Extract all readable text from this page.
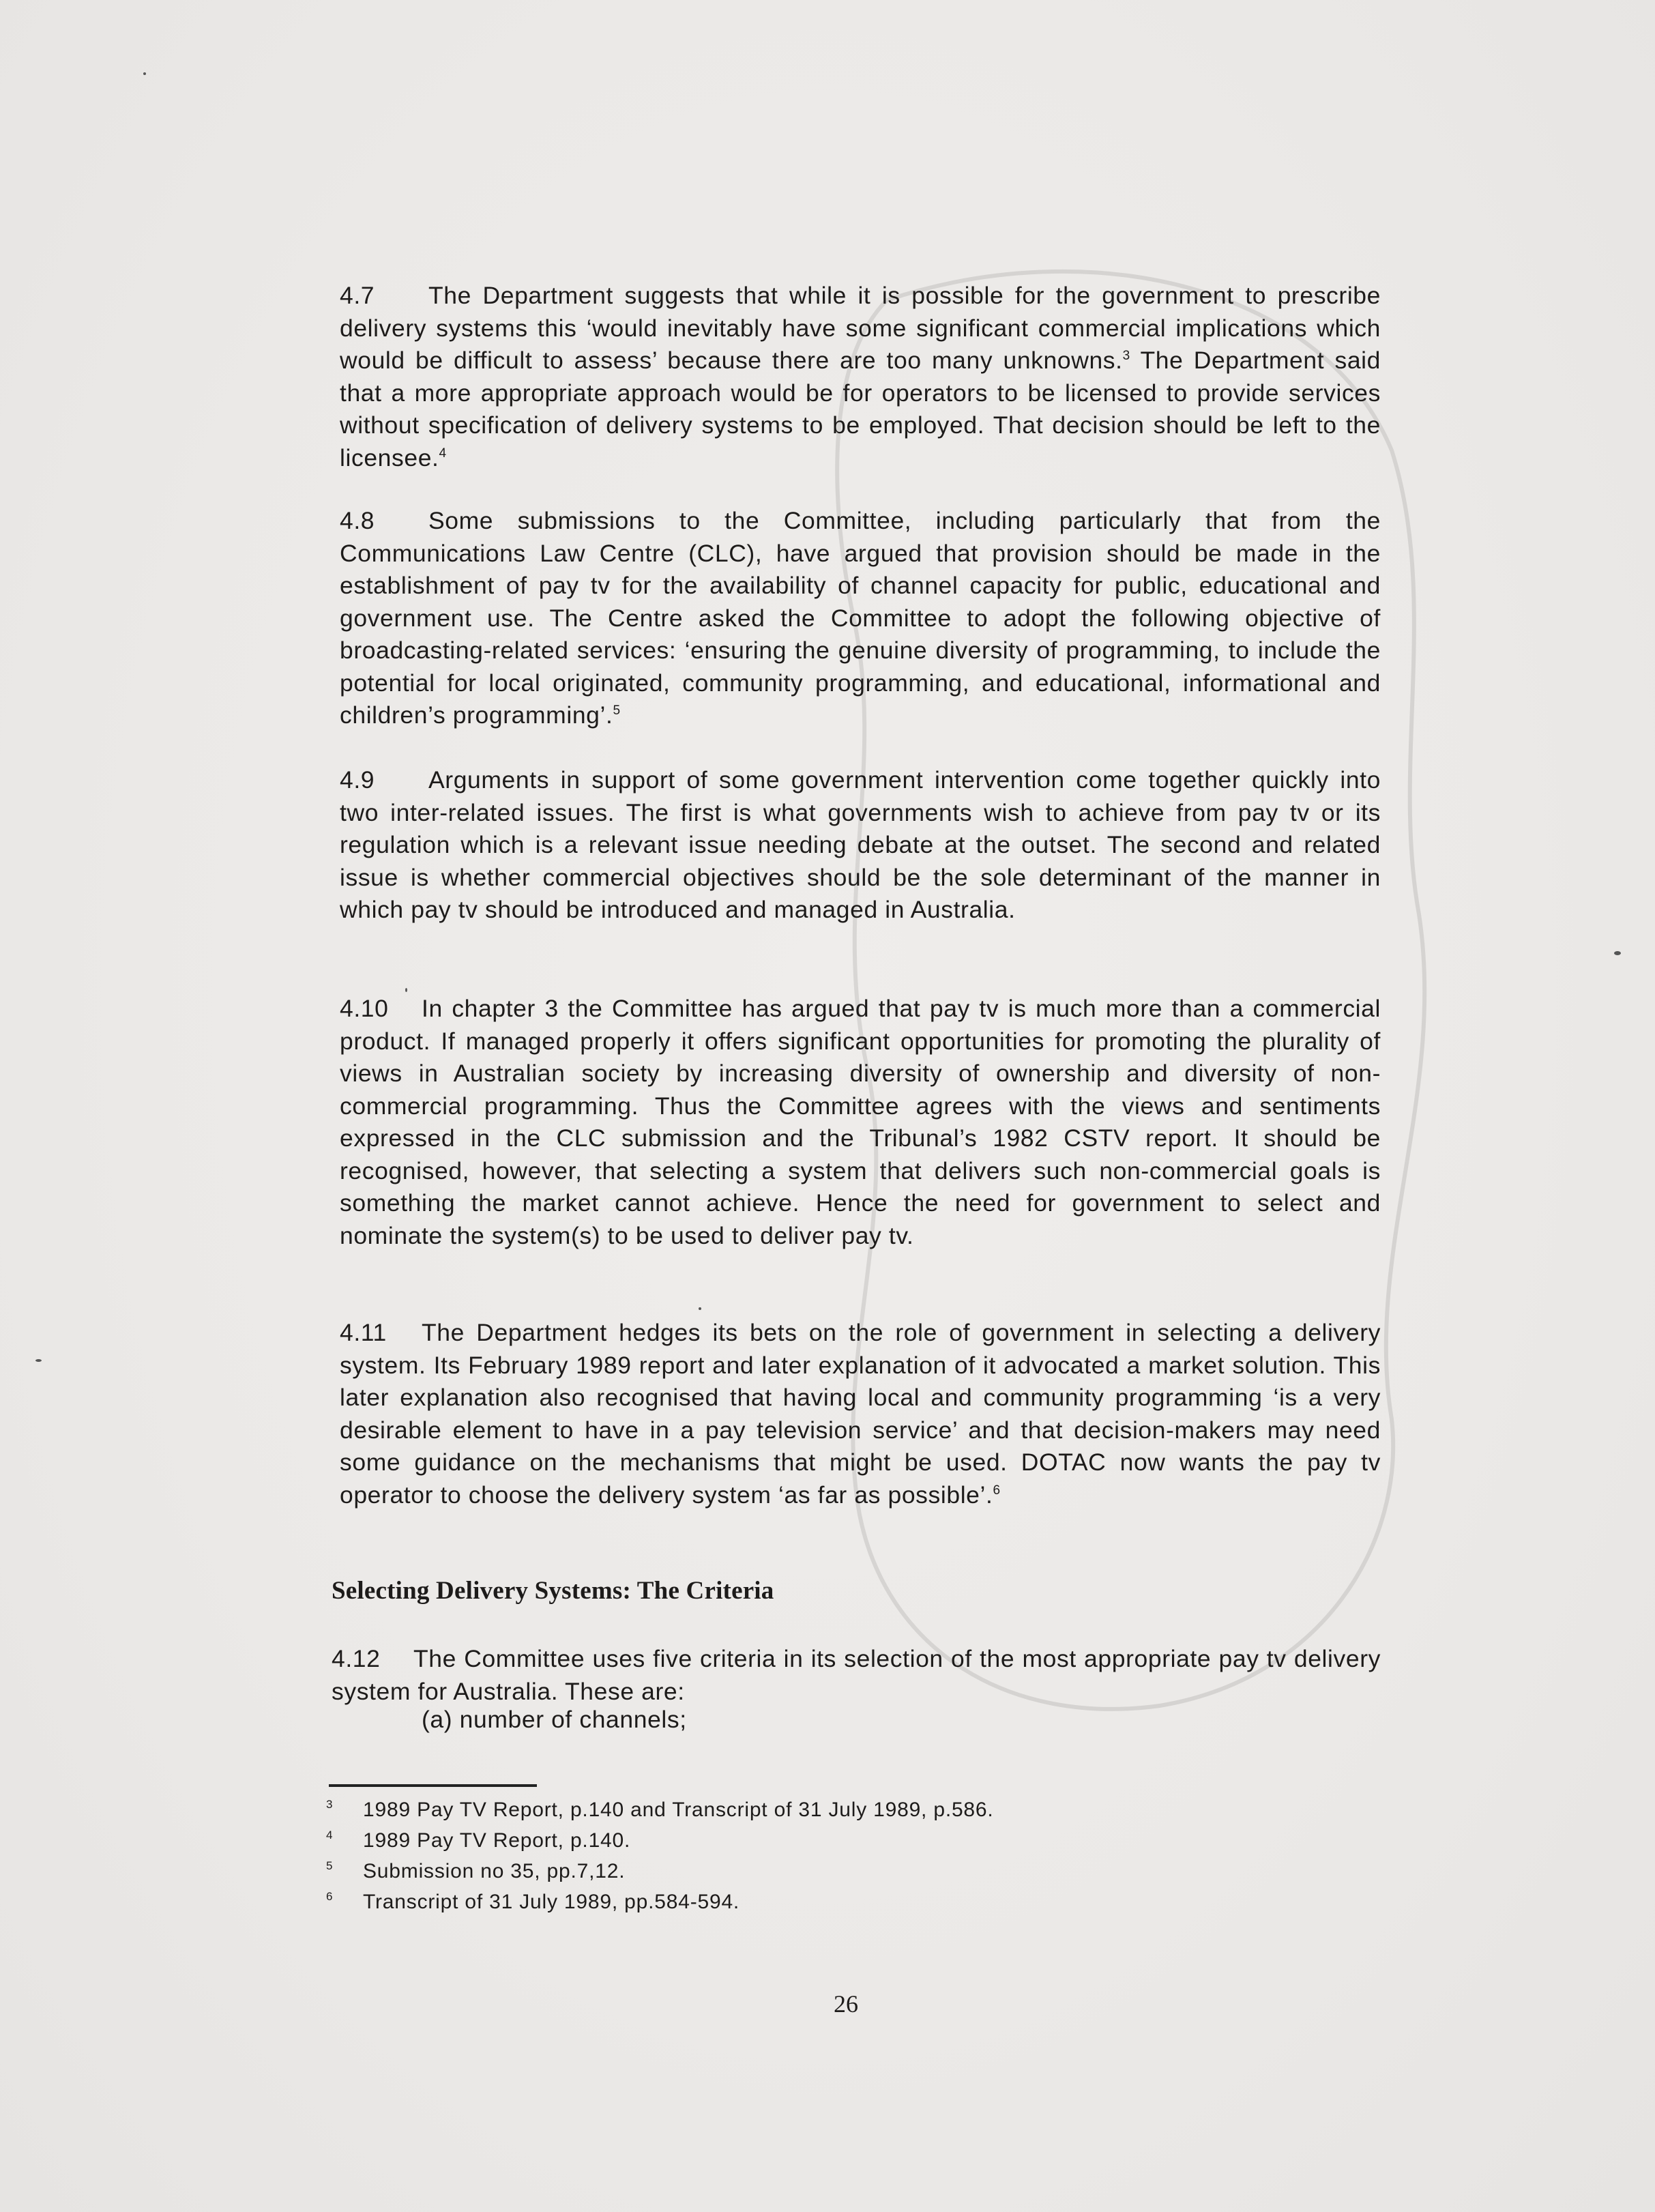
4.7 The Department suggests that while it is possible for the government to prescribe delivery systems this ‘would inevitably have some significant commercial implications which would be difficult to assess’ because there are too many unknowns.$^3$ The Department said that a more appropriate approach would be for operators to be licensed to provide services without specification of delivery systems to be employed. That decision should be left to the licensee.$^4$

4.8 Some submissions to the Committee, including particularly that from the Communications Law Centre (CLC), have argued that provision should be made in the establishment of pay tv for the availability of channel capacity for public, educational and government use. The Centre asked the Committee to adopt the following objective of broadcasting-related services: ‘ensuring the genuine diversity of programming, to include the potential for local originated, community programming, and educational, informational and children’s programming’.$^5$

4.9 Arguments in support of some government intervention come together quickly into two inter-related issues. The first is what governments wish to achieve from pay tv or its regulation which is a relevant issue needing debate at the outset. The second and related issue is whether commercial objectives should be the sole determinant of the manner in which pay tv should be introduced and managed in Australia.

4.10 In chapter 3 the Committee has argued that pay tv is much more than a commercial product. If managed properly it offers significant opportunities for promoting the plurality of views in Australian society by increasing diversity of ownership and diversity of non-commercial programming. Thus the Committee agrees with the views and sentiments expressed in the CLC submission and the Tribunal’s 1982 CSTV report. It should be recognised, however, that selecting a system that delivers such non-commercial goals is something the market cannot achieve. Hence the need for government to select and nominate the system(s) to be used to deliver pay tv.

4.11 The Department hedges its bets on the role of government in selecting a delivery system. Its February 1989 report and later explanation of it advocated a market solution. This later explanation also recognised that having local and community programming ‘is a very desirable element to have in a pay television service’ and that decision-makers may need some guidance on the mechanisms that might be used. DOTAC now wants the pay tv operator to choose the delivery system ‘as far as possible’.$^6$

Selecting Delivery Systems: The Criteria

4.12 The Committee uses five criteria in its selection of the most appropriate pay tv delivery system for Australia. These are:

(a) number of channels;
3	1989 Pay TV Report, p.140 and Transcript of 31 July 1989, p.586.
4	1989 Pay TV Report, p.140.
5	Submission no 35, pp.7,12.
6	Transcript of 31 July 1989, pp.584-594.
26
